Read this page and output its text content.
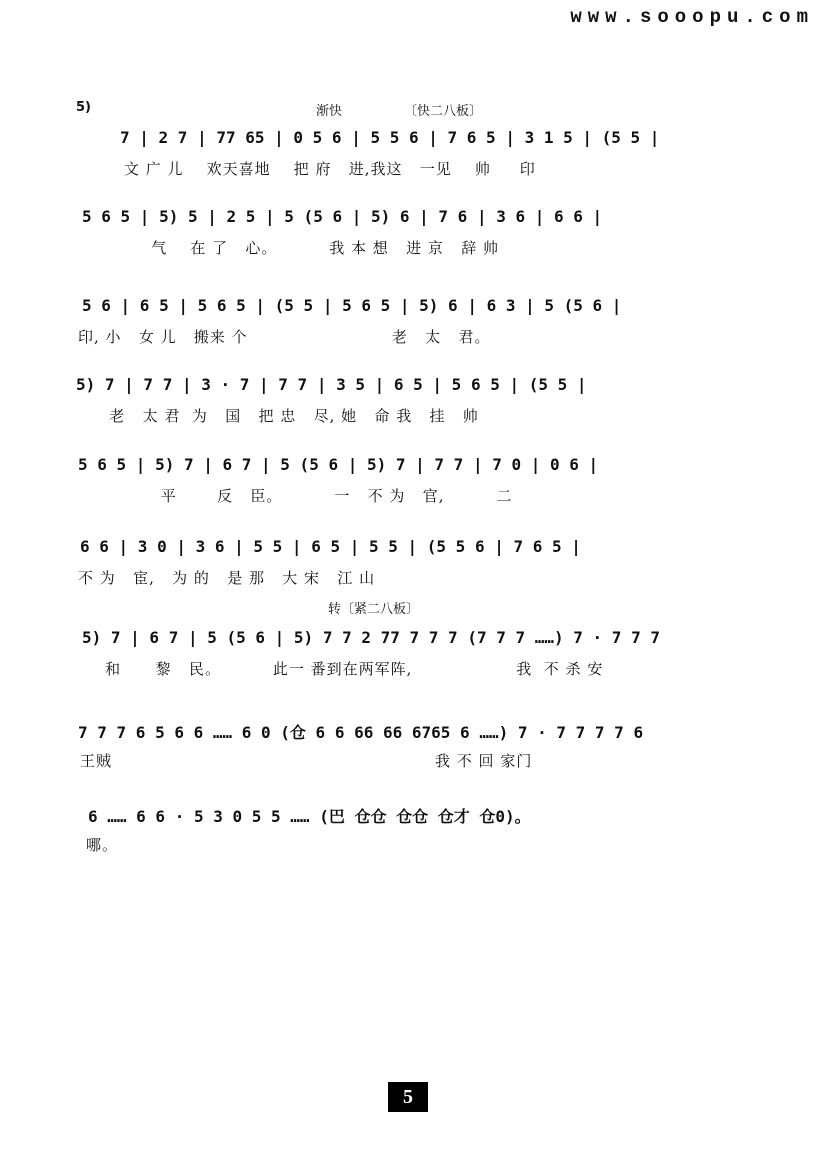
www.sooopu.com
5)	渐快	〔快二八板〕
7 | 2 7 | 77 65 | 0 5 6 | 5 5 6 | 7 6 5 | 3 1 5 | (5 5 |
文 广 儿    欢天喜地    把 府   进,我这   一见    帅     印
5 6 5 | 5) 5 | 2 5 | 5 (5 6 | 5) 6 | 7 6 | 3 6 | 6 6 |
气    在 了   心。         我 本 想   进 京   辞 帅
5 6 | 6 5 | 5 6 5 | (5 5 | 5 6 5 | 5) 6 | 6 3 | 5 (5 6 |
印, 小   女 儿   搬来 个                         老   太   君。
5) 7 | 7 7 | 3 · 7 | 7 7 | 3 5 | 6 5 | 5 6 5 | (5 5 |
老   太 君  为   国   把 忠   尽, 她   命 我   挂   帅
5 6 5 | 5) 7 | 6 7 | 5 (5 6 | 5) 7 | 7 7 | 7 0 | 0 6 |
平       反   臣。         一   不 为   官,         二
6 6 | 3 0 | 3 6 | 5 5 | 6 5 | 5 5 | (5 5 6 | 7 6 5 |
不 为   宦,   为 的   是 那   大 宋   江 山
转〔紧二八板〕
5) 7 | 6 7 | 5 (5 6 | 5) 7 7 2 77 7 7 7 (7 7 7 ……) 7 · 7 7 7
和      黎   民。         此一 番到在两军阵,                  我  不 杀 安
7 7 7 6 5 6 6 …… 6 0 (仓 6 6 66 66 6765 6 ……) 7 · 7 7 7 7 6
王贼                                                        我 不 回 家门
6 …… 6 6 · 5 3 0 5 5 …… (巴 仓仓 仓仓 仓才 仓0)。
哪。
5
